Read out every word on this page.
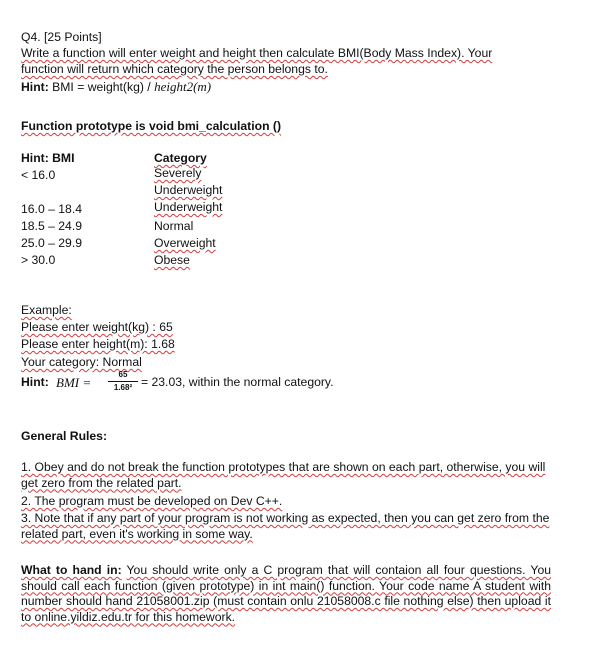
Q4. [25 Points]
Write a function will enter weight and height then calculate BMI(Body Mass Index). Your
function will return which category the person belongs to.
Hint: BMI = weight(kg) / height2(m)
Function prototype is void bmi_calculation ()
Hint: BMI	Category
< 16.0	Severely
Underweight
16.0 – 18.4	Underweight
18.5 – 24.9	Normal
25.0 – 29.9	Overweight
> 30.0	Obese
Example:
Please enter weight(kg) : 65
Please enter height(m): 1.68
Your category: Normal
Hint: BMI =
65
1.68² = 23.03, within the normal category.
General Rules:
1. Obey and do not break the function prototypes that are shown on each part, otherwise, you will get zero from the related part.
2. The program must be developed on Dev C++.
3. Note that if any part of your program is not working as expected, then you can get zero from the related part, even it's working in some way.
What to hand in: You should write only a C program that will contaion all four questions. You should call each function (given prototype) in int main() function. Your code name A student with number should hand 21058001.zip (must contain onlu 21058008.c file nothing else) then upload it to online.yildiz.edu.tr for this homework.
